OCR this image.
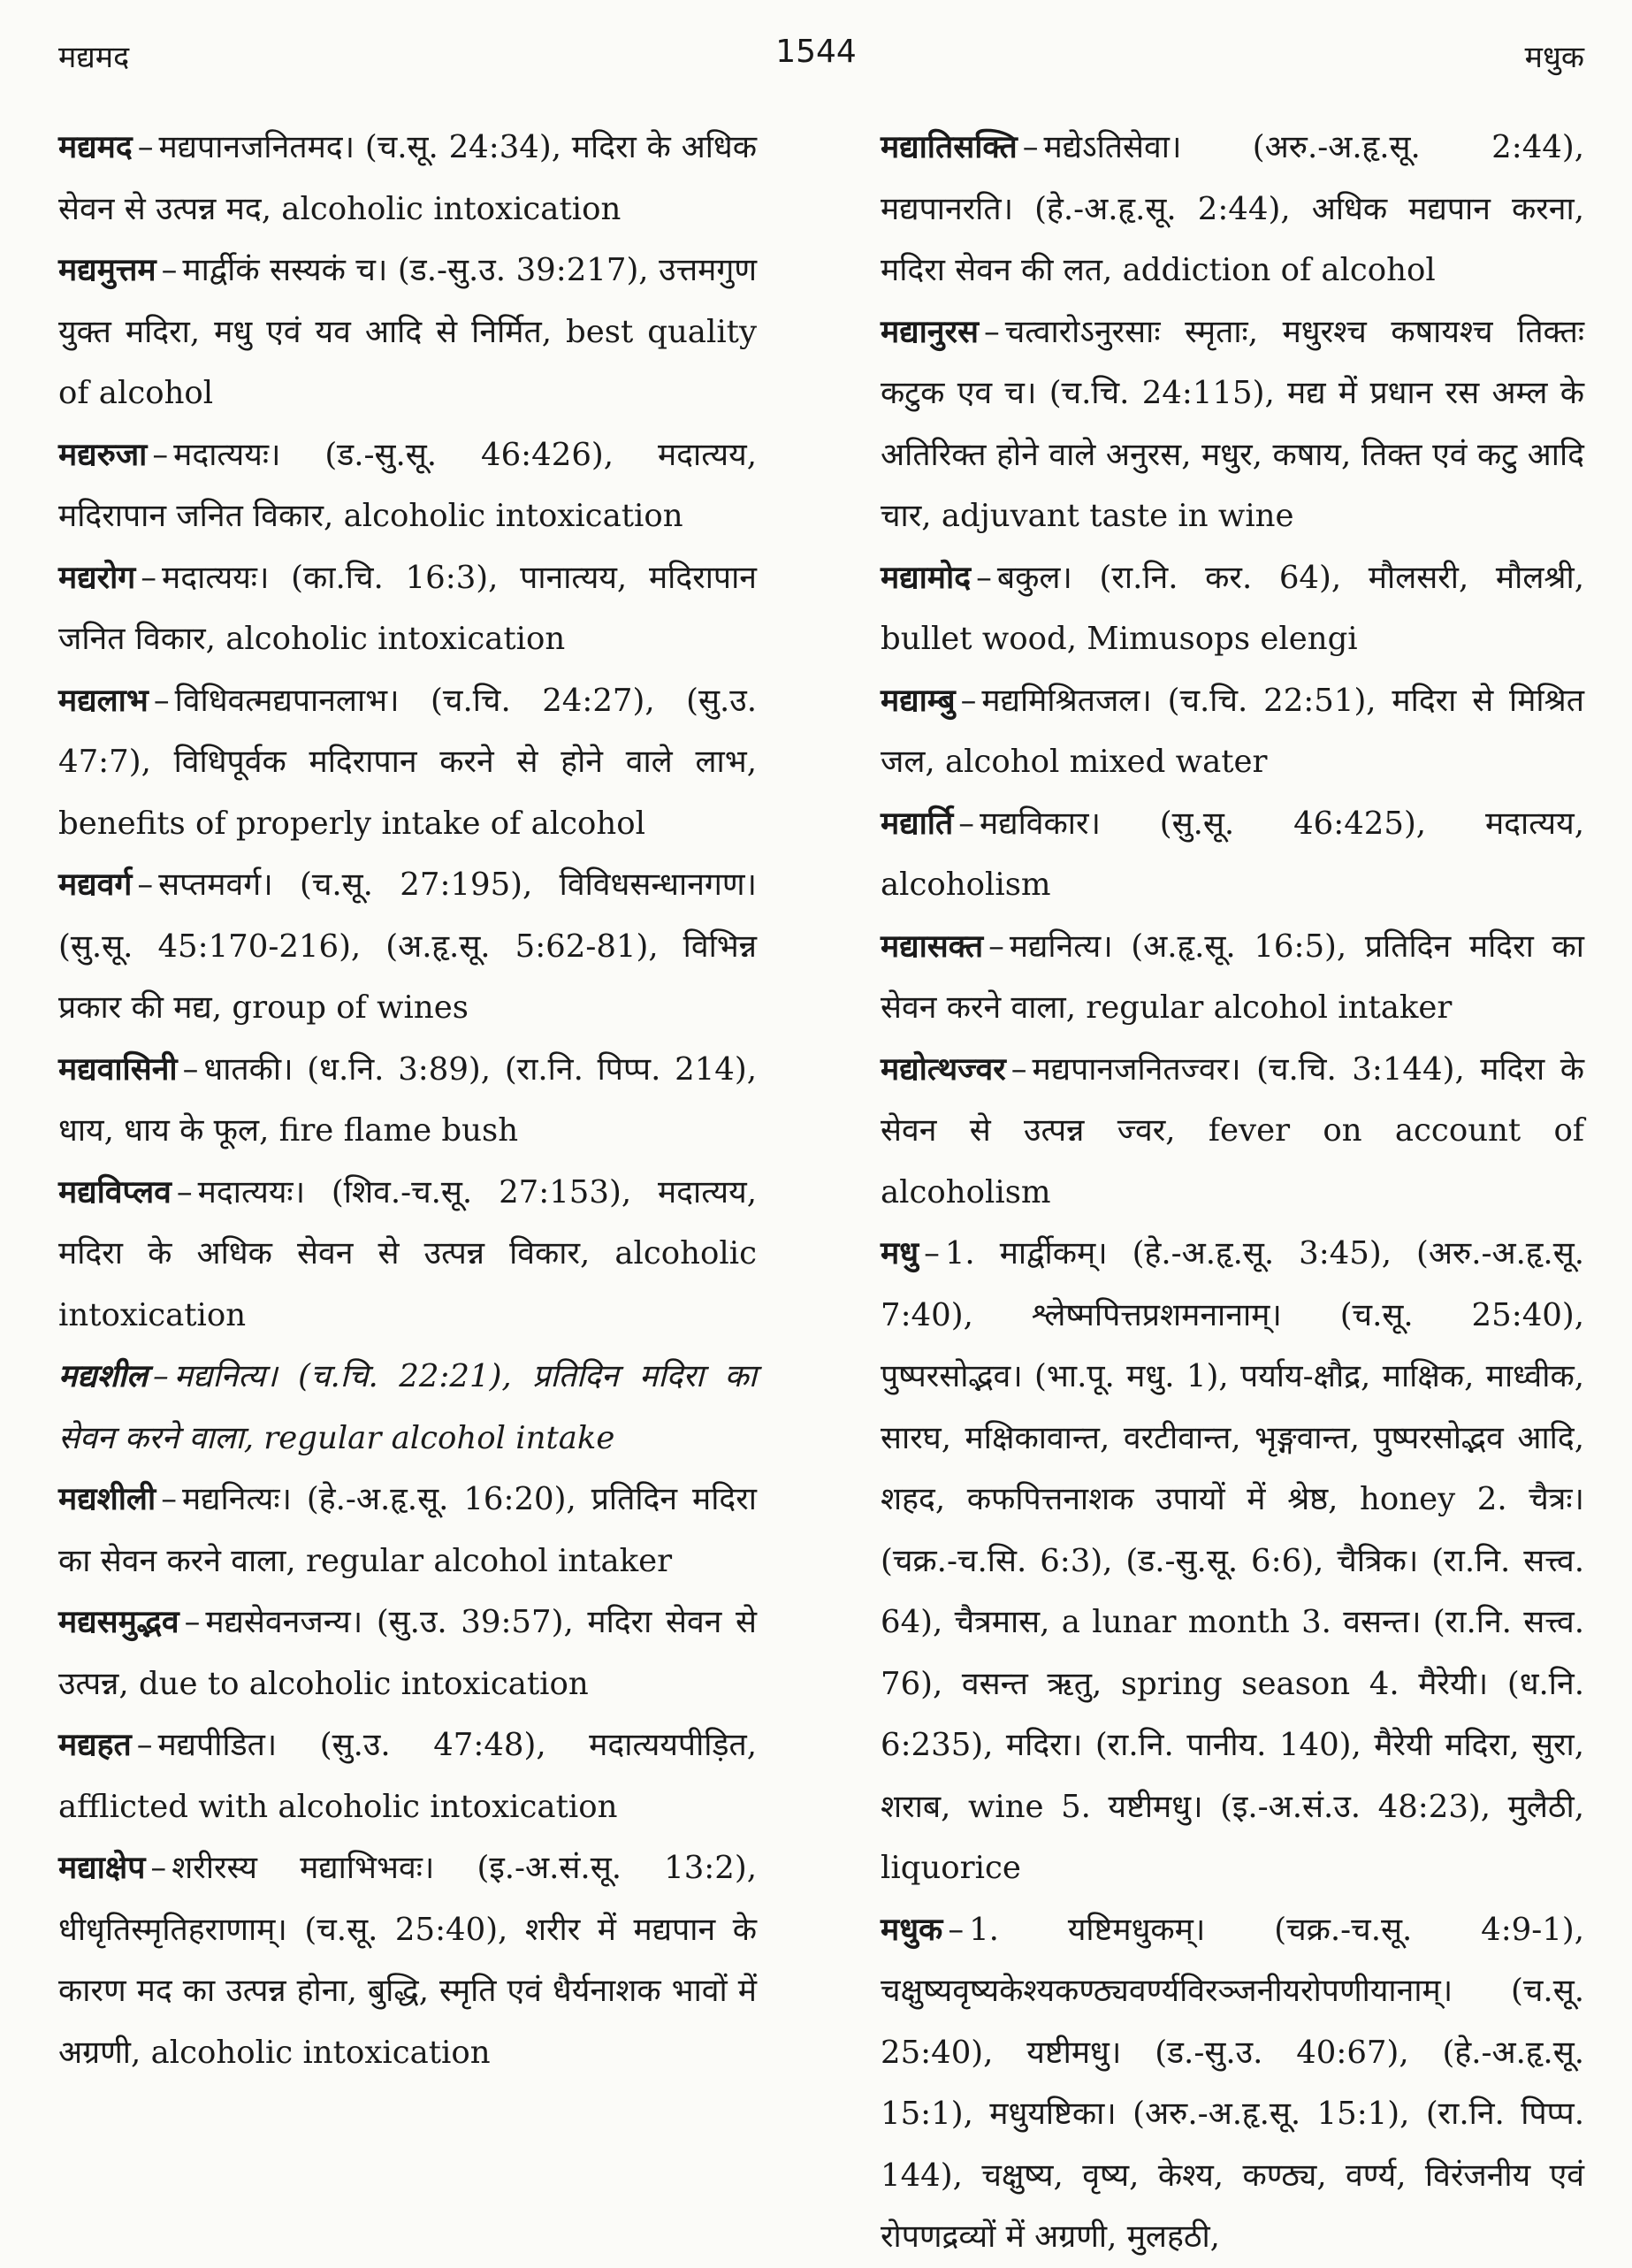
मद्यमद	1544	मधुक

मद्यमद – मद्यपानजनितमद। (च.सू. 24:34), मदिरा के अधिक सेवन से उत्पन्न मद, alcoholic intoxication

मद्यमुत्तम – मार्द्वीकं सस्यकं च। (ड.-सु.उ. 39:217), उत्तमगुण युक्त मदिरा, मधु एवं यव आदि से निर्मित, best quality of alcohol

मद्यरुजा – मदात्ययः। (ड.-सु.सू. 46:426), मदात्यय, मदिरापान जनित विकार, alcoholic intoxication

मद्यरोग – मदात्ययः। (का.चि. 16:3), पानात्यय, मदिरापान जनित विकार, alcoholic intoxication

मद्यलाभ – विधिवत्मद्यपानलाभ। (च.चि. 24:27), (सु.उ. 47:7), विधिपूर्वक मदिरापान करने से होने वाले लाभ, benefits of properly intake of alcohol

मद्यवर्ग – सप्तमवर्ग। (च.सू. 27:195), विविधसन्धानगण। (सु.सू. 45:170-216), (अ.हृ.सू. 5:62-81), विभिन्न प्रकार की मद्य, group of wines

मद्यवासिनी – धातकी। (ध.नि. 3:89), (रा.नि. पिप्प. 214), धाय, धाय के फूल, fire flame bush

मद्यविप्लव – मदात्ययः। (शिव.-च.सू. 27:153), मदात्यय, मदिरा के अधिक सेवन से उत्पन्न विकार, alcoholic intoxication

मद्यशील – मद्यनित्य। (च.चि. 22:21), प्रतिदिन मदिरा का सेवन करने वाला, regular alcohol intake

मद्यशीली – मद्यनित्यः। (हे.-अ.हृ.सू. 16:20), प्रतिदिन मदिरा का सेवन करने वाला, regular alcohol intaker

मद्यसमुद्भव – मद्यसेवनजन्य। (सु.उ. 39:57), मदिरा सेवन से उत्पन्न, due to alcoholic intoxication

मद्यहत – मद्यपीडित। (सु.उ. 47:48), मदात्ययपीड़ित, afflicted with alcoholic intoxication

मद्याक्षेप – शरीरस्य मद्याभिभवः। (इ.-अ.सं.सू. 13:2), धीधृतिस्मृतिहराणाम्। (च.सू. 25:40), शरीर में मद्यपान के कारण मद का उत्पन्न होना, बुद्धि, स्मृति एवं धैर्यनाशक भावों में अग्रणी, alcoholic intoxication

मद्यातिसक्ति – मद्येऽतिसेवा। (अरु.-अ.हृ.सू. 2:44), मद्यपानरति। (हे.-अ.हृ.सू. 2:44), अधिक मद्यपान करना, मदिरा सेवन की लत, addiction of alcohol

मद्यानुरस – चत्वारोऽनुरसाः स्मृताः, मधुरश्च कषायश्च तिक्तः कटुक एव च। (च.चि. 24:115), मद्य में प्रधान रस अम्ल के अतिरिक्त होने वाले अनुरस, मधुर, कषाय, तिक्त एवं कटु आदि चार, adjuvant taste in wine

मद्यामोद – बकुल। (रा.नि. कर. 64), मौलसरी, मौलश्री, bullet wood, Mimusops elengi

मद्याम्बु – मद्यमिश्रितजल। (च.चि. 22:51), मदिरा से मिश्रित जल, alcohol mixed water

मद्यार्ति – मद्यविकार। (सु.सू. 46:425), मदात्यय, alcoholism

मद्यासक्त – मद्यनित्य। (अ.हृ.सू. 16:5), प्रतिदिन मदिरा का सेवन करने वाला, regular alcohol intaker

मद्योत्थज्वर – मद्यपानजनितज्वर। (च.चि. 3:144), मदिरा के सेवन से उत्पन्न ज्वर, fever on account of alcoholism

मधु – 1. मार्द्वीकम्। (हे.-अ.हृ.सू. 3:45), (अरु.-अ.हृ.सू. 7:40), श्लेष्मपित्तप्रशमनानाम्। (च.सू. 25:40), पुष्परसोद्भव। (भा.पू. मधु. 1), पर्याय-क्षौद्र, माक्षिक, माध्वीक, सारघ, मक्षिकावान्त, वरटीवान्त, भृङ्गवान्त, पुष्परसोद्भव आदि, शहद, कफपित्तनाशक उपायों में श्रेष्ठ, honey 2. चैत्रः। (चक्र.-च.सि. 6:3), (ड.-सु.सू. 6:6), चैत्रिक। (रा.नि. सत्त्व. 64), चैत्रमास, a lunar month 3. वसन्त। (रा.नि. सत्त्व. 76), वसन्त ऋतु, spring season 4. मैरेयी। (ध.नि. 6:235), मदिरा। (रा.नि. पानीय. 140), मैरेयी मदिरा, सुरा, शराब, wine 5. यष्टीमधु। (इ.-अ.सं.उ. 48:23), मुलैठी, liquorice

मधुक – 1. यष्टिमधुकम्। (चक्र.-च.सू. 4:9-1), चक्षुष्यवृष्यकेश्यकण्ठ्यवर्ण्यविरञ्जनीयरोपणीयानाम्। (च.सू. 25:40), यष्टीमधु। (ड.-सु.उ. 40:67), (हे.-अ.हृ.सू. 15:1), मधुयष्टिका। (अरु.-अ.हृ.सू. 15:1), (रा.नि. पिप्प. 144), चक्षुष्य, वृष्य, केश्य, कण्ठ्य, वर्ण्य, विरंजनीय एवं रोपणद्रव्यों में अग्रणी, मुलहठी,
